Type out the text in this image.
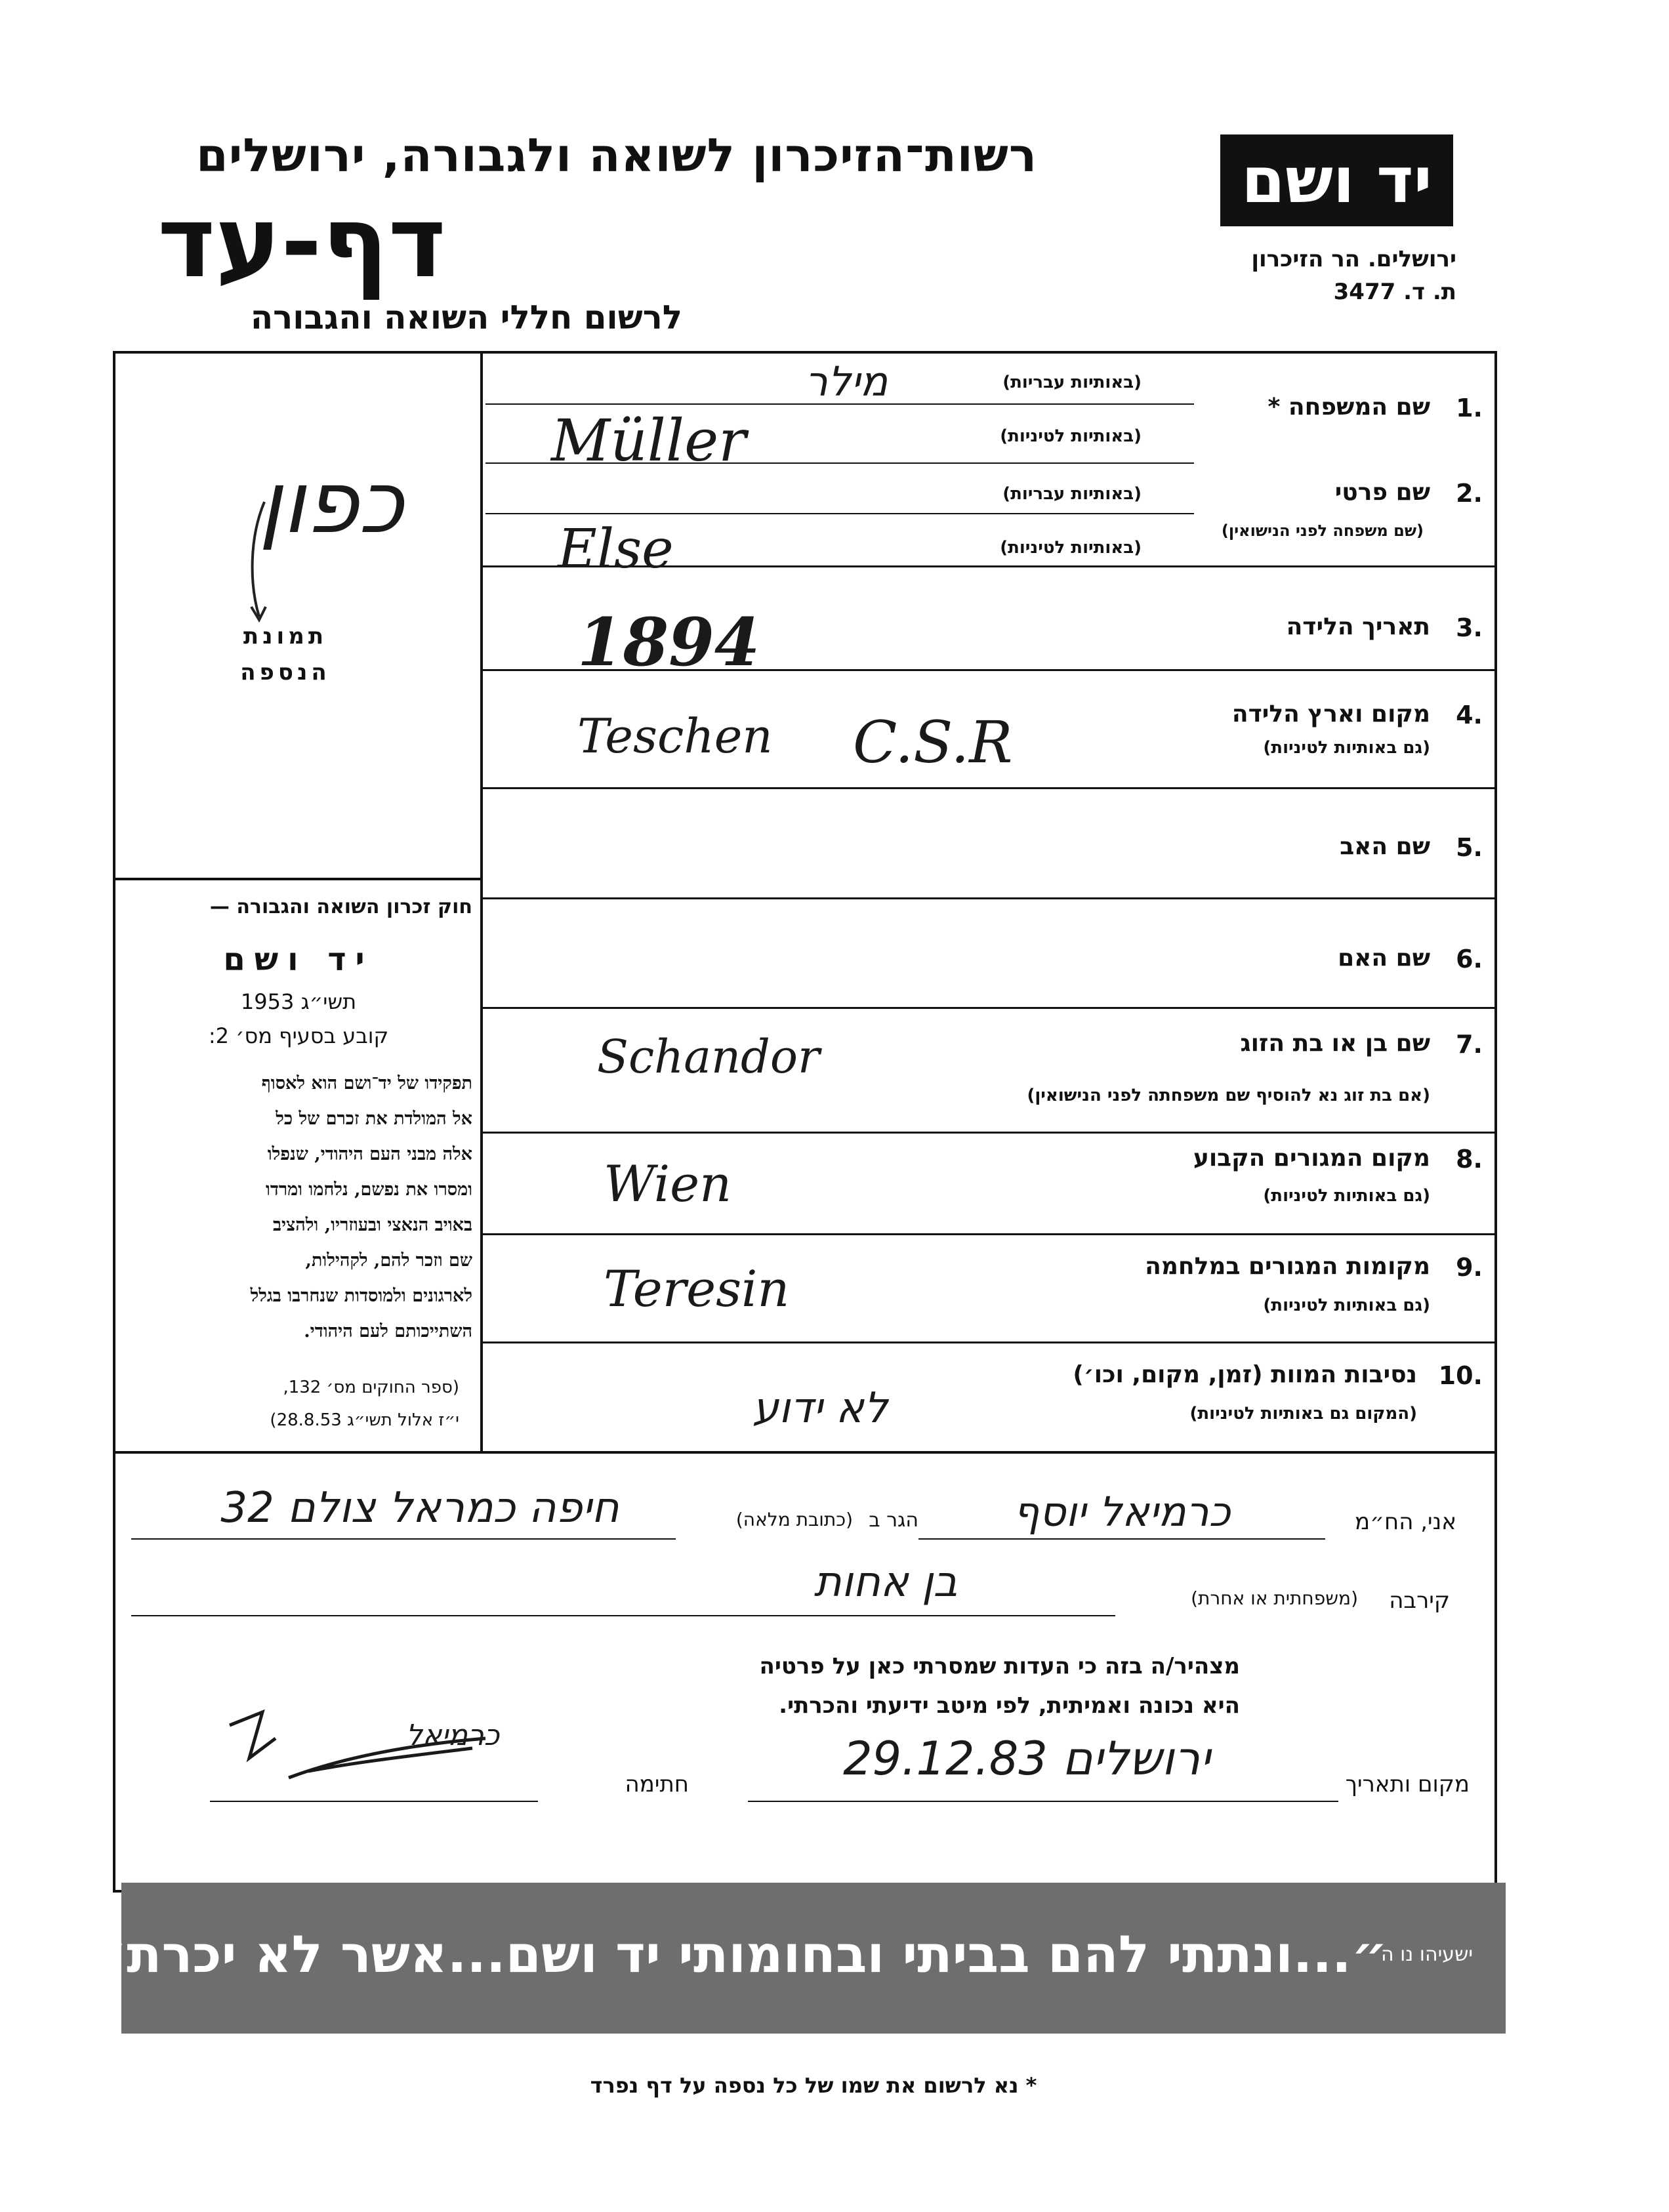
רשות־הזיכרון לשואה ולגבורה, ירושלים
דף-עד
לרשום חללי השואה והגבורה
יד ושם
ירושלים. הר הזיכרון
ת. ד. 3477
כפון
תמונת
הנספה
חוק זכרון השואה והגבורה —
יד ושם
תשי״ג 1953
קובע בסעיף מס׳ 2:
תפקידו של יד־ושם הוא לאסוף
אל המולדת את זכרם של כל
אלה מבני העם היהודי, שנפלו
ומסרו את נפשם, נלחמו ומרדו
באויב הנאצי ובעוזריו, ולהציב
שם וזכר להם, לקהילות,
לארגונים ולמוסדות שנחרבו בגלל
השתייכותם לעם היהודי.
(ספר החוקים מס׳ 132,
י״ז אלול תשי״ג 28.8.53)
1.
שם המשפחה *
(באותיות עבריות)
(באותיות לטיניות)
מילר
Müller
2.
שם פרטי
(שם משפחה לפני הנישואין)
(באותיות עבריות)
(באותיות לטיניות)
Else
3.
תאריך הלידה
1894
4.
מקום וארץ הלידה
(גם באותיות לטיניות)
Teschen	C.S.R
5.
שם האב
6.
שם האם
7.
שם בן או בת הזוג
(אם בת זוג נא להוסיף שם משפחתה לפני הנישואין)
Schandor
8.
מקום המגורים הקבוע
(גם באותיות לטיניות)
Wien
9.
מקומות המגורים במלחמה
(גם באותיות לטיניות)
Teresin
10.
נסיבות המוות (זמן, מקום, וכו׳)
(המקום גם באותיות לטיניות)
לא ידוע
אני, הח״מ
כרמיאל יוסף
הגר ב
(כתובת מלאה)
חיפה כמראל צולם 32
קירבה
(משפחתית או אחרת)
בן אחות
מצהיר/ה בזה כי העדות שמסרתי כאן על פרטיה
היא נכונה ואמיתית, לפי מיטב ידיעתי והכרתי.
מקום ותאריך
ירושלים 29.12.83
חתימה
כרמיאל
״...ונתתי להם בביתי ובחומותי יד ושם...אשר לא יכרת״
ישעיהו נו ה
* נא לרשום את שמו של כל נספה על דף נפרד
